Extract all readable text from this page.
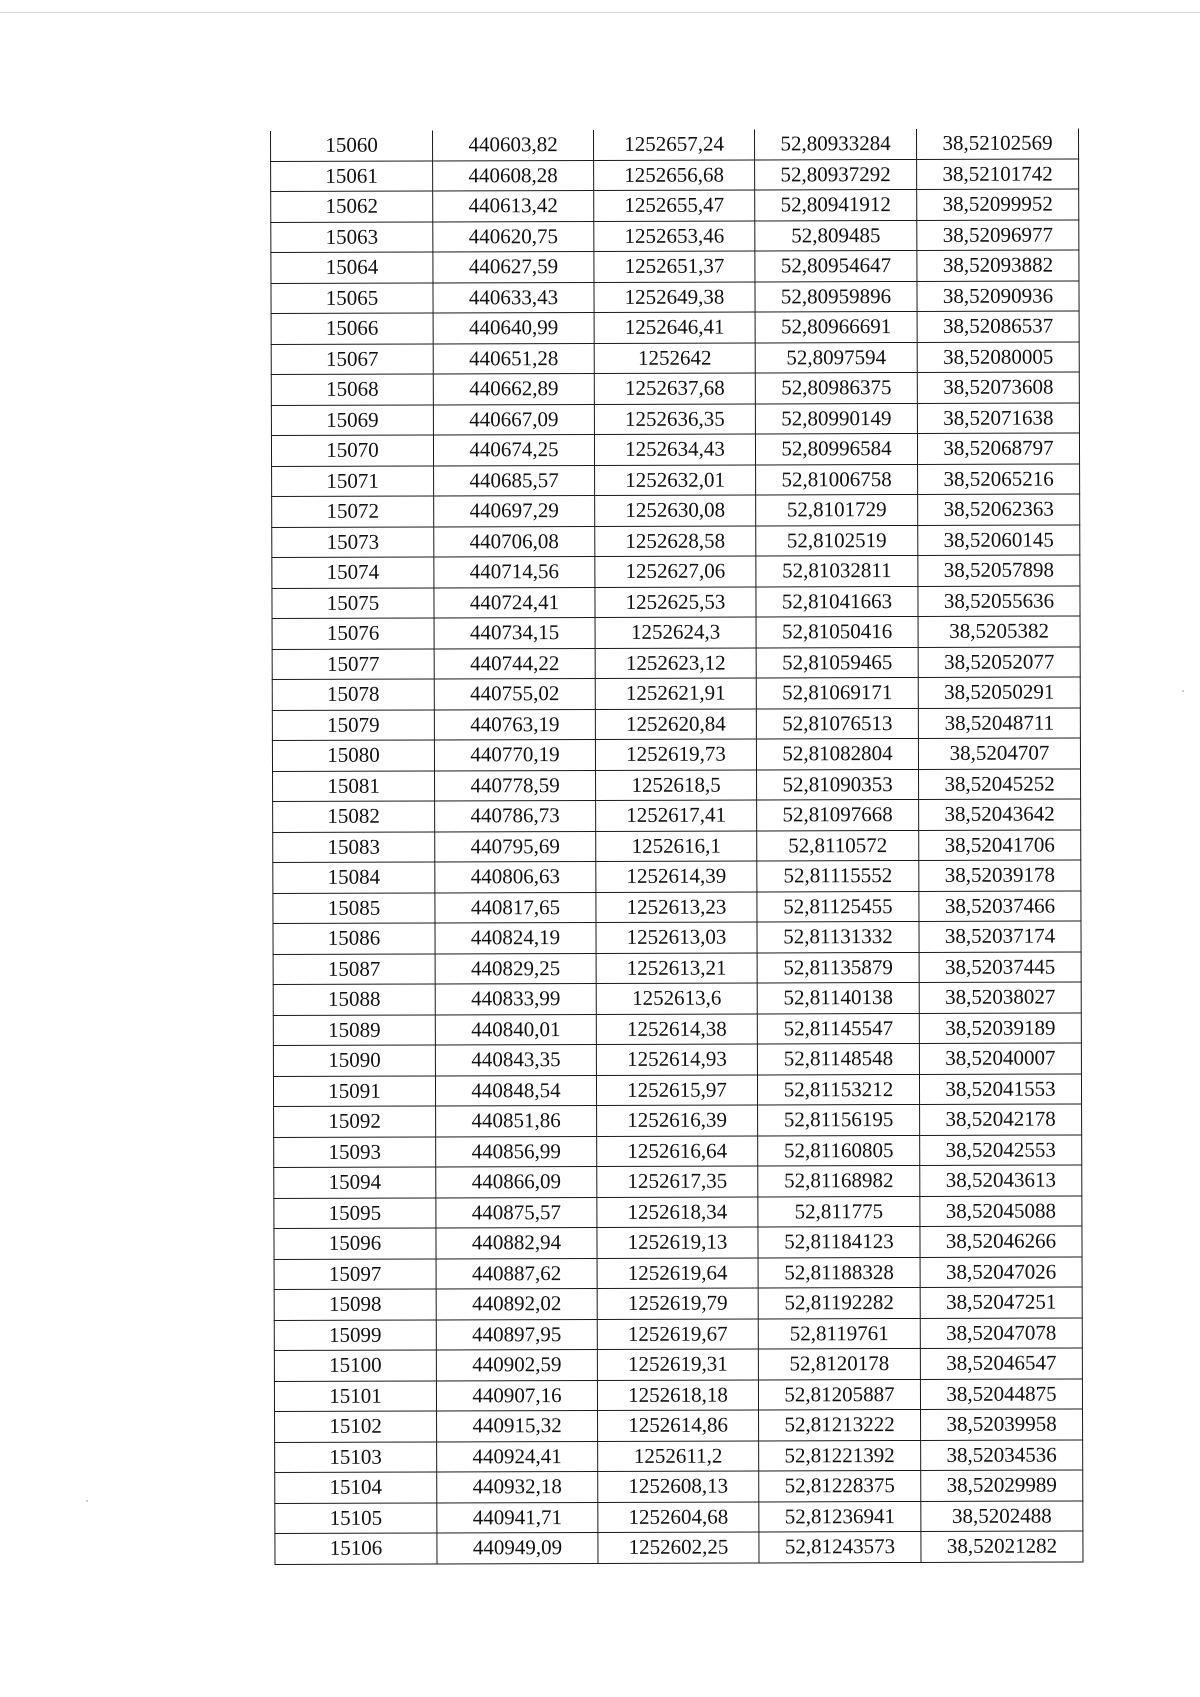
15060	440603,82	1252657,24	52,80933284	38,52102569
15061	440608,28	1252656,68	52,80937292	38,52101742
15062	440613,42	1252655,47	52,80941912	38,52099952
15063	440620,75	1252653,46	52,809485	38,52096977
15064	440627,59	1252651,37	52,80954647	38,52093882
15065	440633,43	1252649,38	52,80959896	38,52090936
15066	440640,99	1252646,41	52,80966691	38,52086537
15067	440651,28	1252642	52,8097594	38,52080005
15068	440662,89	1252637,68	52,80986375	38,52073608
15069	440667,09	1252636,35	52,80990149	38,52071638
15070	440674,25	1252634,43	52,80996584	38,52068797
15071	440685,57	1252632,01	52,81006758	38,52065216
15072	440697,29	1252630,08	52,8101729	38,52062363
15073	440706,08	1252628,58	52,8102519	38,52060145
15074	440714,56	1252627,06	52,81032811	38,52057898
15075	440724,41	1252625,53	52,81041663	38,52055636
15076	440734,15	1252624,3	52,81050416	38,5205382
15077	440744,22	1252623,12	52,81059465	38,52052077
15078	440755,02	1252621,91	52,81069171	38,52050291
15079	440763,19	1252620,84	52,81076513	38,52048711
15080	440770,19	1252619,73	52,81082804	38,5204707
15081	440778,59	1252618,5	52,81090353	38,52045252
15082	440786,73	1252617,41	52,81097668	38,52043642
15083	440795,69	1252616,1	52,8110572	38,52041706
15084	440806,63	1252614,39	52,81115552	38,52039178
15085	440817,65	1252613,23	52,81125455	38,52037466
15086	440824,19	1252613,03	52,81131332	38,52037174
15087	440829,25	1252613,21	52,81135879	38,52037445
15088	440833,99	1252613,6	52,81140138	38,52038027
15089	440840,01	1252614,38	52,81145547	38,52039189
15090	440843,35	1252614,93	52,81148548	38,52040007
15091	440848,54	1252615,97	52,81153212	38,52041553
15092	440851,86	1252616,39	52,81156195	38,52042178
15093	440856,99	1252616,64	52,81160805	38,52042553
15094	440866,09	1252617,35	52,81168982	38,52043613
15095	440875,57	1252618,34	52,811775	38,52045088
15096	440882,94	1252619,13	52,81184123	38,52046266
15097	440887,62	1252619,64	52,81188328	38,52047026
15098	440892,02	1252619,79	52,81192282	38,52047251
15099	440897,95	1252619,67	52,8119761	38,52047078
15100	440902,59	1252619,31	52,8120178	38,52046547
15101	440907,16	1252618,18	52,81205887	38,52044875
15102	440915,32	1252614,86	52,81213222	38,52039958
15103	440924,41	1252611,2	52,81221392	38,52034536
15104	440932,18	1252608,13	52,81228375	38,52029989
15105	440941,71	1252604,68	52,81236941	38,5202488
15106	440949,09	1252602,25	52,81243573	38,52021282
